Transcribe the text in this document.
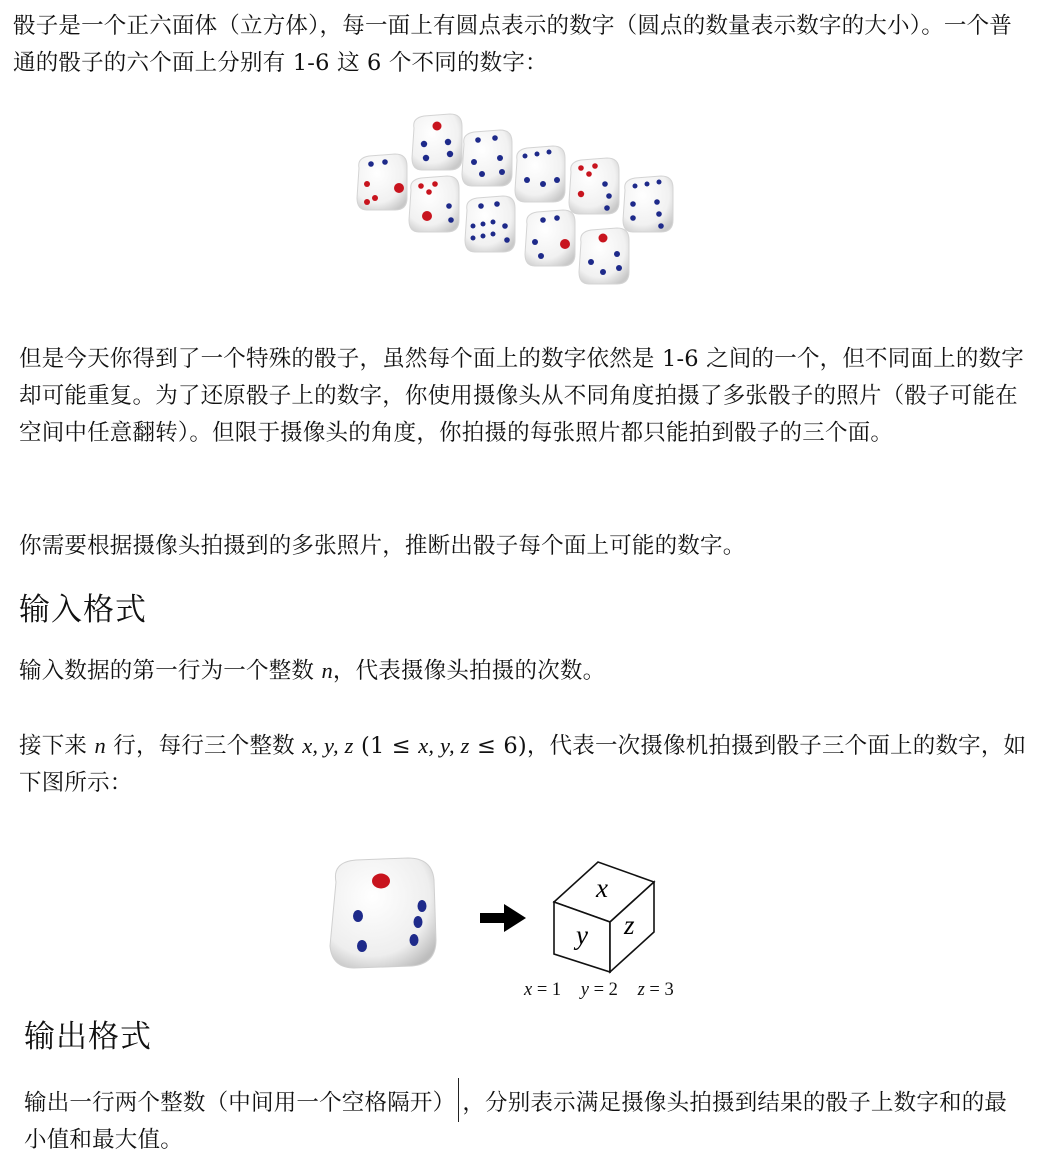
骰子是一个正六面体（立方体），每一面上有圆点表示的数字（圆点的数量表示数字的大小）。一个普通的骰子的六个面上分别有 1-6 这 6 个不同的数字：

但是今天你得到了一个特殊的骰子，虽然每个面上的数字依然是 1-6 之间的一个，但不同面上的数字却可能重复。为了还原骰子上的数字，你使用摄像头从不同角度拍摄了多张骰子的照片（骰子可能在空间中任意翻转）。但限于摄像头的角度，你拍摄的每张照片都只能拍到骰子的三个面。

你需要根据摄像头拍摄到的多张照片，推断出骰子每个面上可能的数字。

输入格式

输入数据的第一行为一个整数 n，代表摄像头拍摄的次数。

接下来 n 行，每行三个整数 x, y, z (1 ≤ x, y, z ≤ 6)，代表一次摄像机拍摄到骰子三个面上的数字，如下图所示：

x
y z
x = 1 y = 2 z = 3
输出格式

输出一行两个整数（中间用一个空格隔开） ，分别表示满足摄像头拍摄到结果的骰子上数字和的最小值和最大值。
